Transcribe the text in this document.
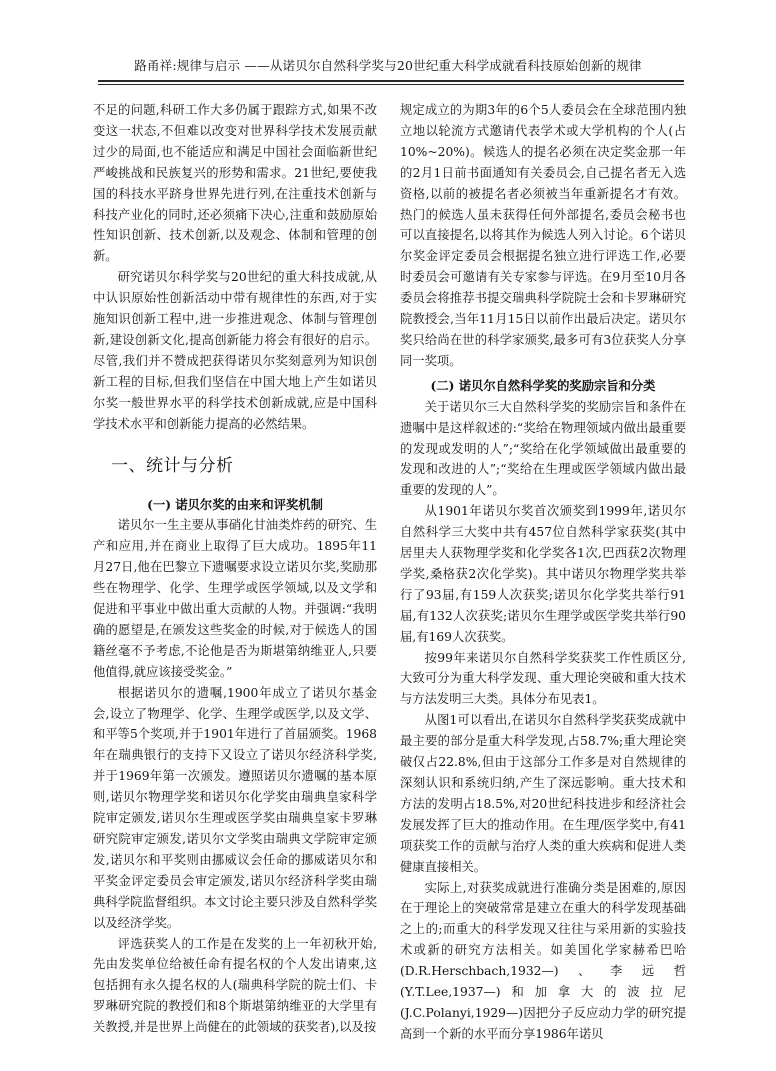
路甬祥:规律与启示 ——从诺贝尔自然科学奖与20世纪重大科学成就看科技原始创新的规律

不足的问题,科研工作大多仍属于跟踪方式,如果不改变这一状态,不但难以改变对世界科学技术发展贡献过少的局面,也不能适应和满足中国社会面临新世纪严峻挑战和民族复兴的形势和需求。21世纪,要使我国的科技水平跻身世界先进行列,在注重技术创新与科技产业化的同时,还必须痛下决心,注重和鼓励原始性知识创新、技术创新,以及观念、体制和管理的创新。

研究诺贝尔科学奖与20世纪的重大科技成就,从中认识原始性创新活动中带有规律性的东西,对于实施知识创新工程中,进一步推进观念、体制与管理创新,建设创新文化,提高创新能力将会有很好的启示。尽管,我们并不赞成把获得诺贝尔奖刻意列为知识创新工程的目标,但我们坚信在中国大地上产生如诺贝尔奖一般世界水平的科学技术创新成就,应是中国科学技术水平和创新能力提高的必然结果。

一、统计与分析
(一) 诺贝尔奖的由来和评奖机制

诺贝尔一生主要从事硝化甘油类炸药的研究、生产和应用,并在商业上取得了巨大成功。1895年11月27日,他在巴黎立下遗嘱要求设立诺贝尔奖,奖励那些在物理学、化学、生理学或医学领域,以及文学和促进和平事业中做出重大贡献的人物。并强调:“我明确的愿望是,在颁发这些奖金的时候,对于候选人的国籍丝毫不予考虑,不论他是否为斯堪第纳维亚人,只要他值得,就应该接受奖金。”

根据诺贝尔的遗嘱,1900年成立了诺贝尔基金会,设立了物理学、化学、生理学或医学,以及文学、和平等5个奖项,并于1901年进行了首届颁奖。1968年在瑞典银行的支持下又设立了诺贝尔经济科学奖,并于1969年第一次颁发。遵照诺贝尔遗嘱的基本原则,诺贝尔物理学奖和诺贝尔化学奖由瑞典皇家科学院审定颁发,诺贝尔生理或医学奖由瑞典皇家卡罗琳研究院审定颁发,诺贝尔文学奖由瑞典文学院审定颁发,诺贝尔和平奖则由挪威议会任命的挪威诺贝尔和平奖金评定委员会审定颁发,诺贝尔经济科学奖由瑞典科学院监督组织。本文讨论主要只涉及自然科学奖以及经济学奖。

评选获奖人的工作是在发奖的上一年初秋开始,先由发奖单位给被任命有提名权的个人发出请柬,这包括拥有永久提名权的人(瑞典科学院的院士们、卡罗琳研究院的教授们和8个斯堪第纳维亚的大学里有关教授,并是世界上尚健在的此领域的获奖者),以及按

规定成立的为期3年的6个5人委员会在全球范围内独立地以轮流方式邀请代表学术或大学机构的个人(占10%~20%)。候选人的提名必须在决定奖金那一年的2月1日前书面通知有关委员会,自己提名者无入选资格,以前的被提名者必须被当年重新提名才有效。热门的候选人虽未获得任何外部提名,委员会秘书也可以直接提名,以将其作为候选人列入讨论。6个诺贝尔奖金评定委员会根据提名独立进行评选工作,必要时委员会可邀请有关专家参与评选。在9月至10月各委员会将推荐书提交瑞典科学院院士会和卡罗琳研究院教授会,当年11月15日以前作出最后决定。诺贝尔奖只给尚在世的科学家颁奖,最多可有3位获奖人分享同一奖项。

(二) 诺贝尔自然科学奖的奖励宗旨和分类

关于诺贝尔三大自然科学奖的奖励宗旨和条件在遗嘱中是这样叙述的:“奖给在物理领域内做出最重要的发现或发明的人”;“奖给在化学领域做出最重要的发现和改进的人”;“奖给在生理或医学领域内做出最重要的发现的人”。

从1901年诺贝尔奖首次颁奖到1999年,诺贝尔自然科学三大奖中共有457位自然科学家获奖(其中居里夫人获物理学奖和化学奖各1次,巴西获2次物理学奖,桑格获2次化学奖)。其中诺贝尔物理学奖共举行了93届,有159人次获奖;诺贝尔化学奖共举行91届,有132人次获奖;诺贝尔生理学或医学奖共举行90届,有169人次获奖。

按99年来诺贝尔自然科学奖获奖工作性质区分,大致可分为重大科学发现、重大理论突破和重大技术与方法发明三大类。具体分布见表1。

从图1可以看出,在诺贝尔自然科学奖获奖成就中最主要的部分是重大科学发现,占58.7%;重大理论突破仅占22.8%,但由于这部分工作多是对自然规律的深刻认识和系统归纳,产生了深远影响。重大技术和方法的发明占18.5%,对20世纪科技进步和经济社会发展发挥了巨大的推动作用。在生理/医学奖中,有41项获奖工作的贡献与治疗人类的重大疾病和促进人类健康直接相关。

实际上,对获奖成就进行准确分类是困难的,原因在于理论上的突破常常是建立在重大的科学发现基础之上的;而重大的科学发现又往往与采用新的实验技术或新的研究方法相关。如美国化学家赫希巴哈(D.R.Herschbach,1932—)、李远哲(Y.T.Lee,1937—)和加拿大的波拉尼(J.C.Polanyi,1929—)因把分子反应动力学的研究提高到一个新的水平而分享1986年诺贝
